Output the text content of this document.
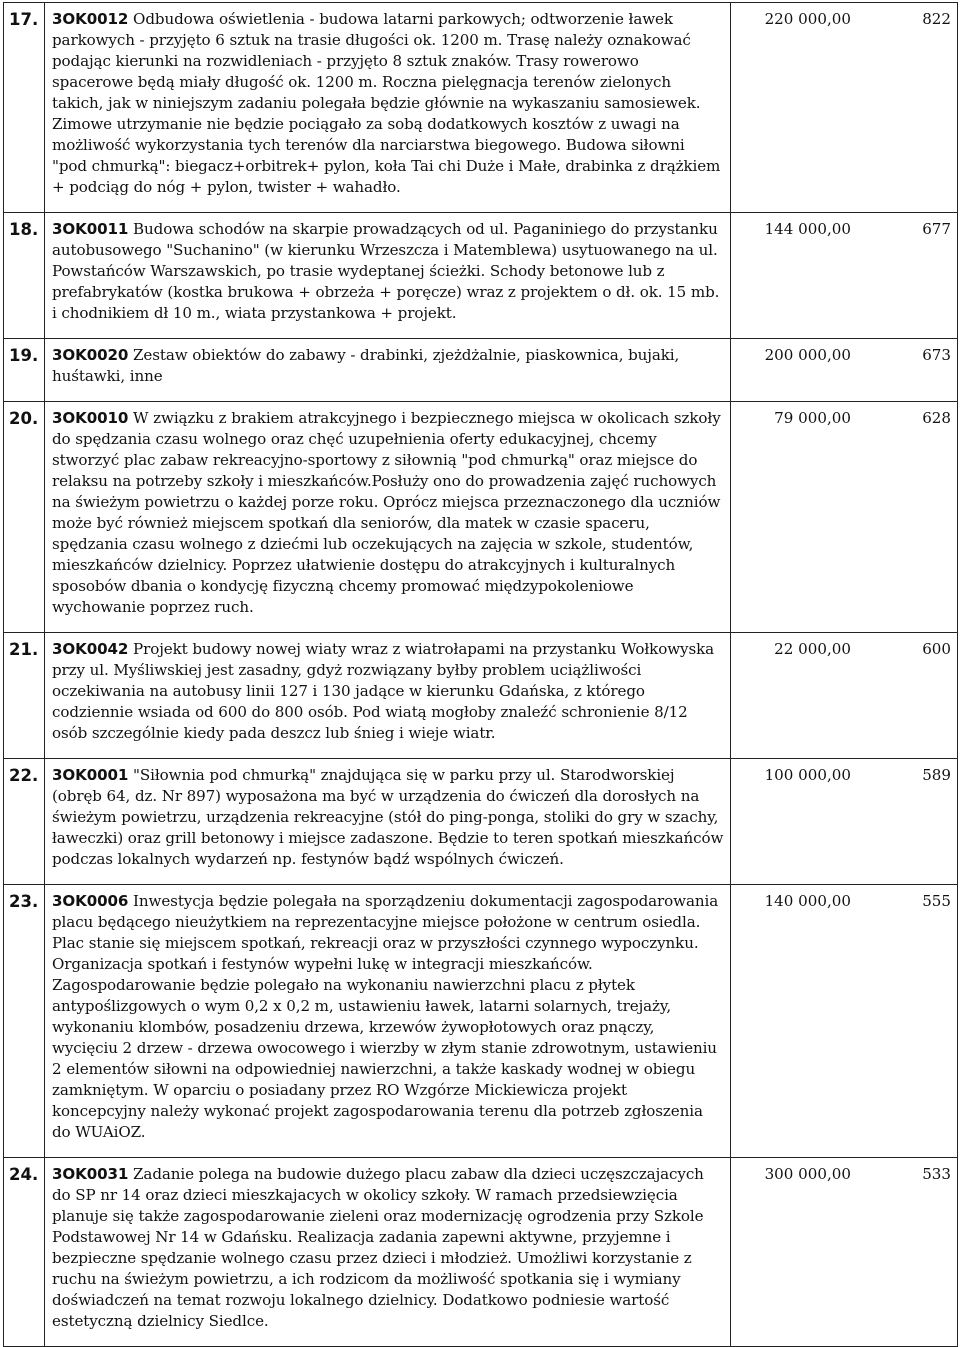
17.	3OK0012 Odbudowa oświetlenia - budowa latarni parkowych; odtworzenie ławek parkowych - przyjęto 6 sztuk na trasie długości ok. 1200 m. Trasę należy oznakować podając kierunki na rozwidleniach - przyjęto 8 sztuk znaków. Trasy rowerowo spacerowe będą miały długość ok. 1200 m. Roczna pielęgnacja terenów zielonych takich, jak w niniejszym zadaniu polegała będzie głównie na wykaszaniu samosiewek. Zimowe utrzymanie nie będzie pociągało za sobą dodatkowych kosztów z uwagi na możliwość wykorzystania tych terenów dla narciarstwa biegowego. Budowa siłowni "pod chmurką": biegacz+orbitrek+ pylon, koła Tai chi Duże i Małe, drabinka z drążkiem + podciąg do nóg + pylon, twister + wahadło.	220 000,00 822

18.	3OK0011 Budowa schodów na skarpie prowadzących od ul. Paganiniego do przystanku autobusowego "Suchanino" (w kierunku Wrzeszcza i Matemblewa) usytuowanego na ul. Powstańców Warszawskich, po trasie wydeptanej ścieżki. Schody betonowe lub z prefabrykatów (kostka brukowa + obrzeża + poręcze) wraz z projektem o dł. ok. 15 mb. i chodnikiem dł 10 m., wiata przystankowa + projekt.	144 000,00 677

19.	3OK0020 Zestaw obiektów do zabawy - drabinki, zjeżdżalnie, piaskownica, bujaki, huśtawki, inne	200 000,00 673

20.	3OK0010 W związku z brakiem atrakcyjnego i bezpiecznego miejsca w okolicach szkoły do spędzania czasu wolnego oraz chęć uzupełnienia oferty edukacyjnej, chcemy stworzyć plac zabaw rekreacyjno-sportowy z siłownią "pod chmurką" oraz miejsce do relaksu na potrzeby szkoły i mieszkańców.Posłuży ono do prowadzenia zajęć ruchowych na świeżym powietrzu o każdej porze roku. Oprócz miejsca przeznaczonego dla uczniów może być również miejscem spotkań dla seniorów, dla matek w czasie spaceru, spędzania czasu wolnego z dziećmi lub oczekujących na zajęcia w szkole, studentów, mieszkańców dzielnicy. Poprzez ułatwienie dostępu do atrakcyjnych i kulturalnych sposobów dbania o kondycję fizyczną chcemy promować międzypokoleniowe wychowanie poprzez ruch.	79 000,00 628

21.	3OK0042 Projekt budowy nowej wiaty wraz z wiatrołapami na przystanku Wołkowyska przy ul. Myśliwskiej jest zasadny, gdyż rozwiązany byłby problem uciążliwości oczekiwania na autobusy linii 127 i 130 jadące w kierunku Gdańska, z którego codziennie wsiada od 600 do 800 osób. Pod wiatą mogłoby znaleźć schronienie 8/12 osób szczególnie kiedy pada deszcz lub śnieg i wieje wiatr.	22 000,00 600

22.	3OK0001 "Siłownia pod chmurką" znajdująca się w parku przy ul. Starodworskiej (obręb 64, dz. Nr 897) wyposażona ma być w urządzenia do ćwiczeń dla dorosłych na świeżym powietrzu, urządzenia rekreacyjne (stół do ping-ponga, stoliki do gry w szachy, ławeczki) oraz grill betonowy i miejsce zadaszone. Będzie to teren spotkań mieszkańców podczas lokalnych wydarzeń np. festynów bądź wspólnych ćwiczeń.	100 000,00 589

23.	3OK0006 Inwestycja będzie polegała na sporządzeniu dokumentacji zagospodarowania placu będącego nieużytkiem na reprezentacyjne miejsce położone w centrum osiedla. Plac stanie się miejscem spotkań, rekreacji oraz w przyszłości czynnego wypoczynku. Organizacja spotkań i festynów wypełni lukę w integracji mieszkańców. Zagospodarowanie będzie polegało na wykonaniu nawierzchni placu z płytek antypoślizgowych o wym 0,2 x 0,2 m, ustawieniu ławek, latarni solarnych, trejaży, wykonaniu klombów, posadzeniu drzewa, krzewów żywopłotowych oraz pnączy, wycięciu 2 drzew - drzewa owocowego i wierzby w złym stanie zdrowotnym, ustawieniu 2 elementów siłowni na odpowiedniej nawierzchni, a także kaskady wodnej w obiegu zamkniętym. W oparciu o posiadany przez RO Wzgórze Mickiewicza projekt koncepcyjny należy wykonać projekt zagospodarowania terenu dla potrzeb zgłoszenia do WUAiOZ.	140 000,00 555

24.	3OK0031 Zadanie polega na budowie dużego placu zabaw dla dzieci uczęszczajacych do SP nr 14 oraz dzieci mieszkajacych w okolicy szkoły. W ramach przedsiewzięcia planuje się także zagospodarowanie zieleni oraz modernizację ogrodzenia przy Szkole Podstawowej Nr 14 w Gdańsku. Realizacja zadania zapewni aktywne, przyjemne i bezpieczne spędzanie wolnego czasu przez dzieci i młodzież. Umożliwi korzystanie z ruchu na świeżym powietrzu, a ich rodzicom da możliwość spotkania się i wymiany doświadczeń na temat rozwoju lokalnego dzielnicy. Dodatkowo podniesie wartość estetyczną dzielnicy Siedlce.	300 000,00 533
